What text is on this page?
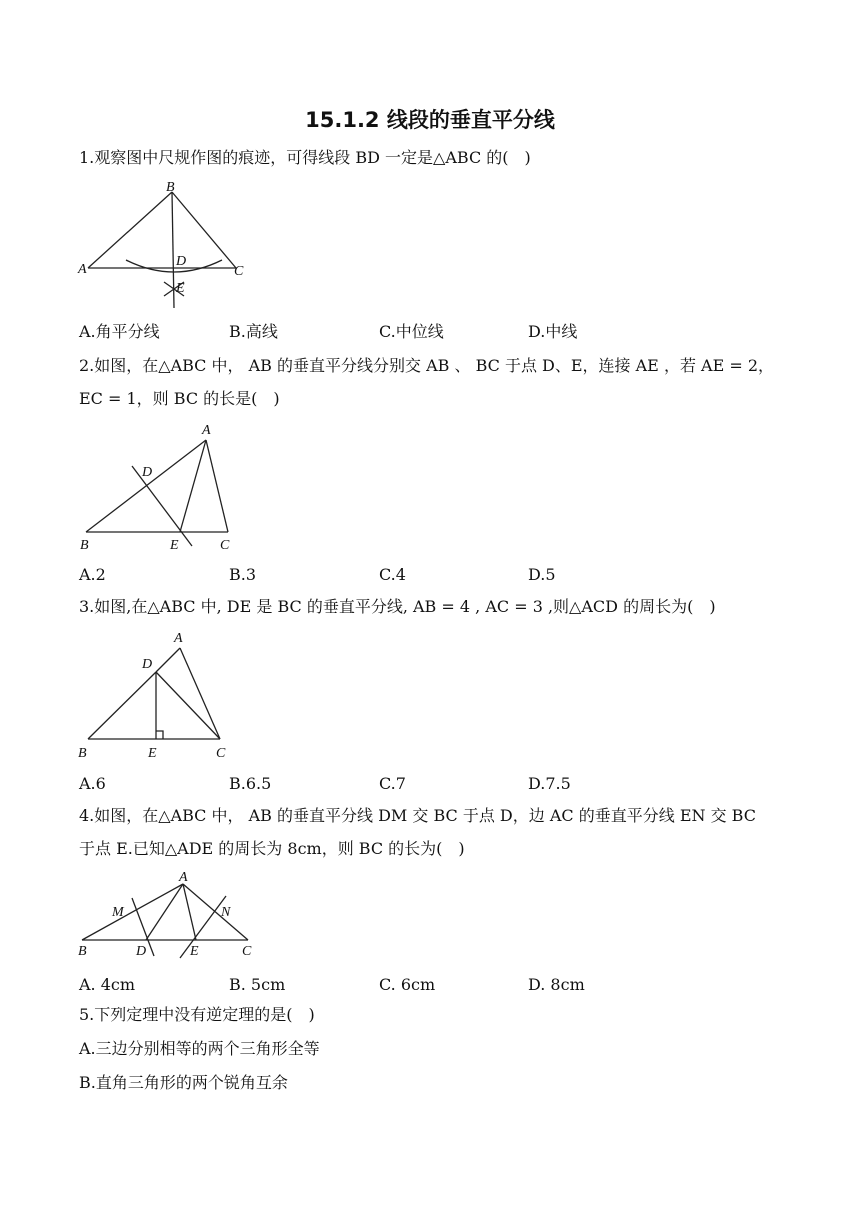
15.1.2 线段的垂直平分线
1.观察图中尺规作图的痕迹，可得线段 BD 一定是△ABC 的(　)
B
A	C
D
E
A.角平分线	B.高线	C.中位线	D.中线
2.如图，在△ABC 中， AB 的垂直平分线分别交 AB 、 BC 于点 D、E，连接 AE ，若 AE = 2，
EC = 1，则 BC 的长是(　)
A
D
B	E	C
A.2	B.3	C.4	D.5
3.如图,在△ABC 中, DE 是 BC 的垂直平分线, AB = 4 , AC = 3 ,则△ACD 的周长为(　)
A
D
B	E	C
A.6	B.6.5	C.7	D.7.5
4.如图，在△ABC 中， AB 的垂直平分线 DM 交 BC 于点 D，边 AC 的垂直平分线 EN 交 BC
于点 E.已知△ADE 的周长为 8cm，则 BC 的长为(　)
A
M	N
B	D	E	C
A. 4cm	B. 5cm	C. 6cm	D. 8cm
5.下列定理中没有逆定理的是(　)
A.三边分别相等的两个三角形全等
B.直角三角形的两个锐角互余
